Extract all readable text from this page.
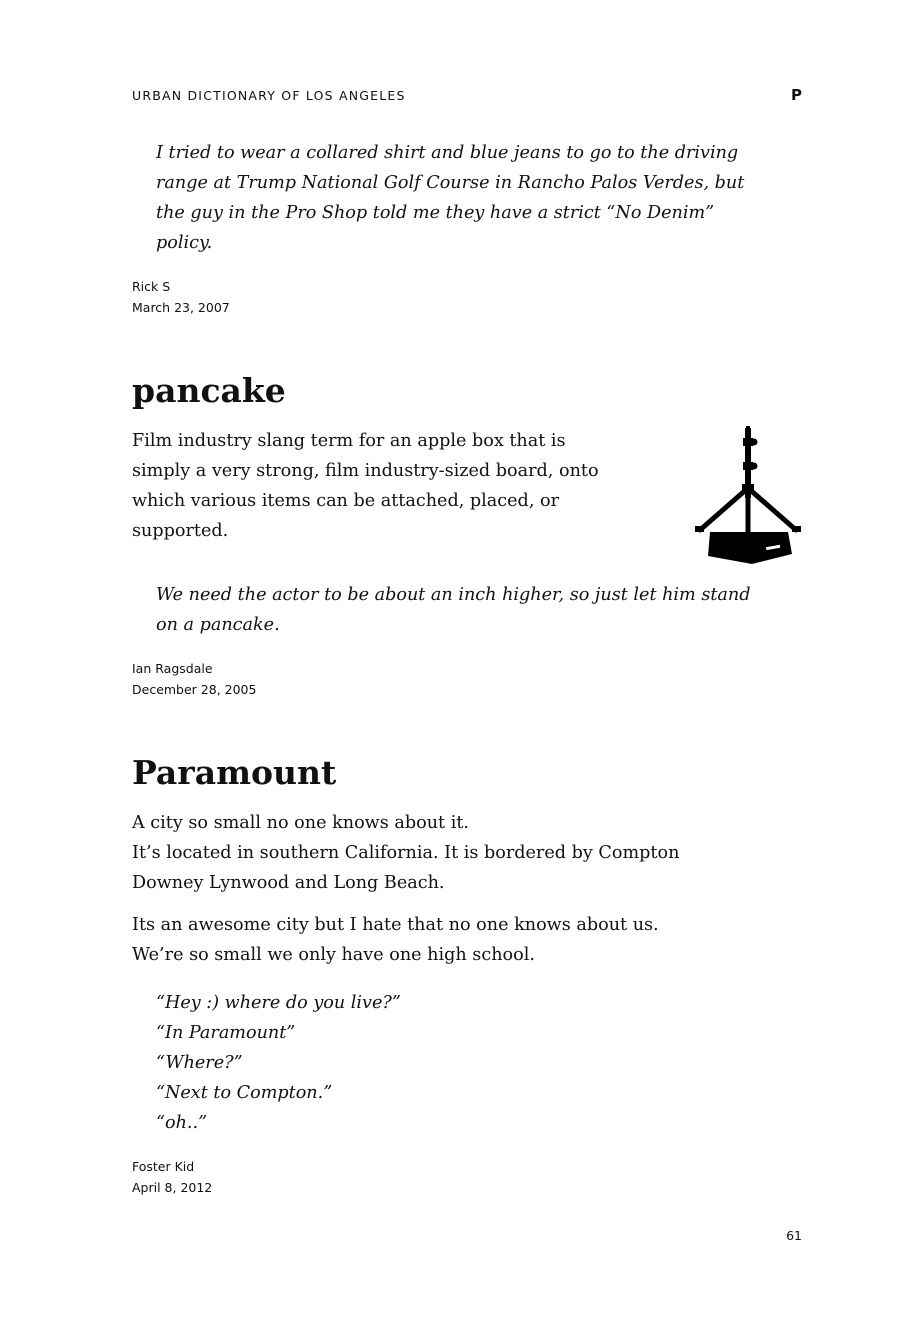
URBAN DICTIONARY OF LOS ANGELES	P

I tried to wear a collared shirt and blue jeans to go to the driving

range at Trump National Golf Course in Rancho Palos Verdes, but

the guy in the Pro Shop told me they have a strict “No Denim”

policy.

Rick S
March 23, 2007
pancake

Film industry slang term for an apple box that is

simply a very strong, film industry-sized board, onto

which various items can be attached, placed, or

supported.

We need the actor to be about an inch higher, so just let him stand

on a pancake.

Ian Ragsdale
December 28, 2005
Paramount

A city so small no one knows about it.

It’s located in southern California. It is bordered by Compton

Downey Lynwood and Long Beach.

Its an awesome city but I hate that no one knows about us.

We’re so small we only have one high school.

“Hey :) where do you live?”

“In Paramount”

“Where?”

“Next to Compton.”

“oh..”

Foster Kid
April 8, 2012
61
